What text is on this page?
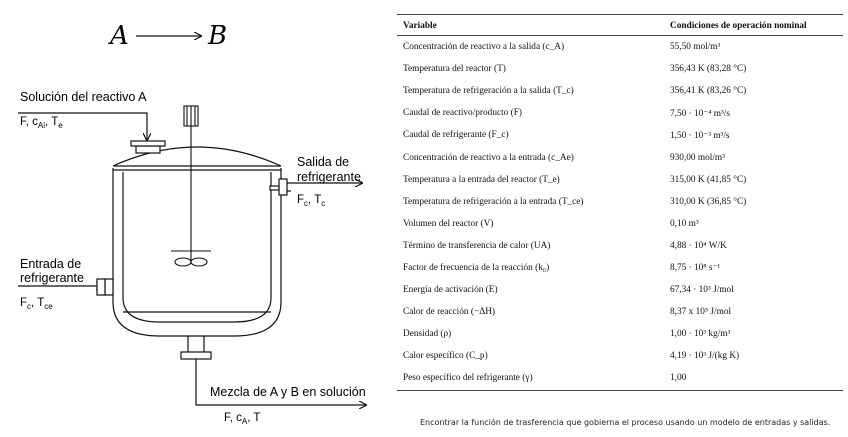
A	B
Solución del reactivo A
F, $c_{Ai}$, $T_e$
Salida de
refrigerante
$F_c$, $T_c$
Entrada de
refrigerante
$F_c$, $T_{ce}$
Mezcla de A y B en solución
F, $c_A$, T
Variable	Condiciones de operación nominal
Concentración de reactivo a la salida (c_A)	55,50 mol/m³
Temperatura del reactor (T)	356,43 K (83,28 °C)
Temperatura de refrigeración a la salida (T_c)	356,41 K (83,26 °C)
Caudal de reactivo/producto (F)	7,50 · 10⁻⁴ m³/s
Caudal de refrigerante (F_c)	1,50 · 10⁻³ m³/s
Concentración de reactivo a la entrada (c_Ae)	930,00 mol/m³
Temperatura a la entrada del reactor (T_e)	315,00 K (41,85 °C)
Temperatura de refrigeración a la entrada (T_ce)	310,00 K (36,85 °C)
Volumen del reactor (V)	0,10 m³
Término de transferencia de calor (UA)	4,88 · 10⁴ W/K
Factor de frecuencia de la reacción (k₀)	8,75 · 10⁸ s⁻¹
Energía de activación (E)	67,34 · 10³ J/mol
Calor de reacción (−ΔH)	8,37 x 10⁵ J/mol
Densidad (ρ)	1,00 · 10³ kg/m³
Calor específico (C_p)	4,19 · 10³ J/(kg K)
Peso específico del refrigerante (γ)	1,00
Encontrar la función de trasferencia que gobierna el proceso usando un modelo de entradas y salidas.
